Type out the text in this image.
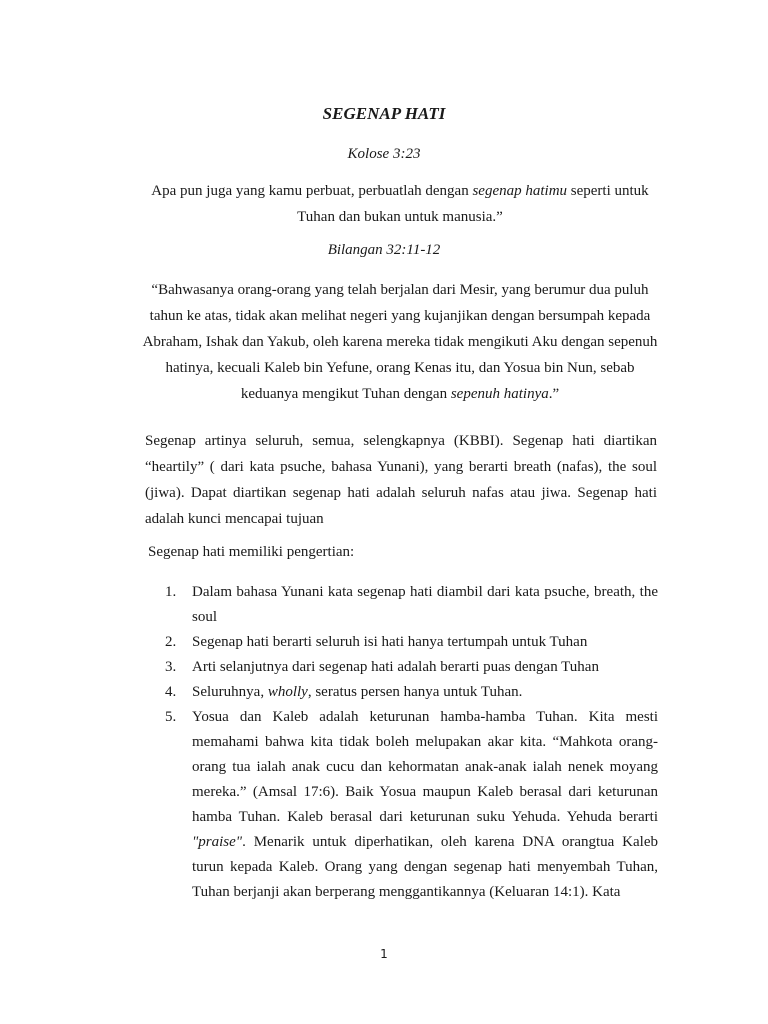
SEGENAP HATI
Kolose 3:23
Apa pun juga yang kamu perbuat, perbuatlah dengan segenap hatimu seperti untuk Tuhan dan bukan untuk manusia.”
Bilangan 32:11-12
“Bahwasanya orang-orang yang telah berjalan dari Mesir, yang berumur dua puluh tahun ke atas, tidak akan melihat negeri yang kujanjikan dengan bersumpah kepada Abraham, Ishak dan Yakub, oleh karena mereka tidak mengikuti Aku dengan sepenuh hatinya, kecuali Kaleb bin Yefune, orang Kenas itu, dan Yosua bin Nun, sebab keduanya mengikut Tuhan dengan sepenuh hatinya.”
Segenap artinya seluruh, semua, selengkapnya (KBBI). Segenap hati diartikan “heartily” ( dari kata psuche, bahasa Yunani), yang berarti breath (nafas), the soul (jiwa). Dapat diartikan segenap hati adalah seluruh nafas atau jiwa. Segenap hati adalah kunci mencapai tujuan
Segenap hati memiliki pengertian:
1. Dalam bahasa Yunani kata segenap hati diambil dari kata psuche, breath, the soul
2. Segenap hati berarti seluruh isi hati hanya tertumpah untuk Tuhan
3. Arti selanjutnya dari segenap hati adalah berarti puas dengan Tuhan
4. Seluruhnya, wholly, seratus persen hanya untuk Tuhan.
5. Yosua dan Kaleb adalah keturunan hamba-hamba Tuhan. Kita mesti memahami bahwa kita tidak boleh melupakan akar kita. “Mahkota orang-orang tua ialah anak cucu dan kehormatan anak-anak ialah nenek moyang mereka.” (Amsal 17:6). Baik Yosua maupun Kaleb berasal dari keturunan hamba Tuhan. Kaleb berasal dari keturunan suku Yehuda. Yehuda berarti "praise". Menarik untuk diperhatikan, oleh karena DNA orangtua Kaleb turun kepada Kaleb. Orang yang dengan segenap hati menyembah Tuhan, Tuhan berjanji akan berperang menggantikannya (Keluaran 14:1). Kata
1
